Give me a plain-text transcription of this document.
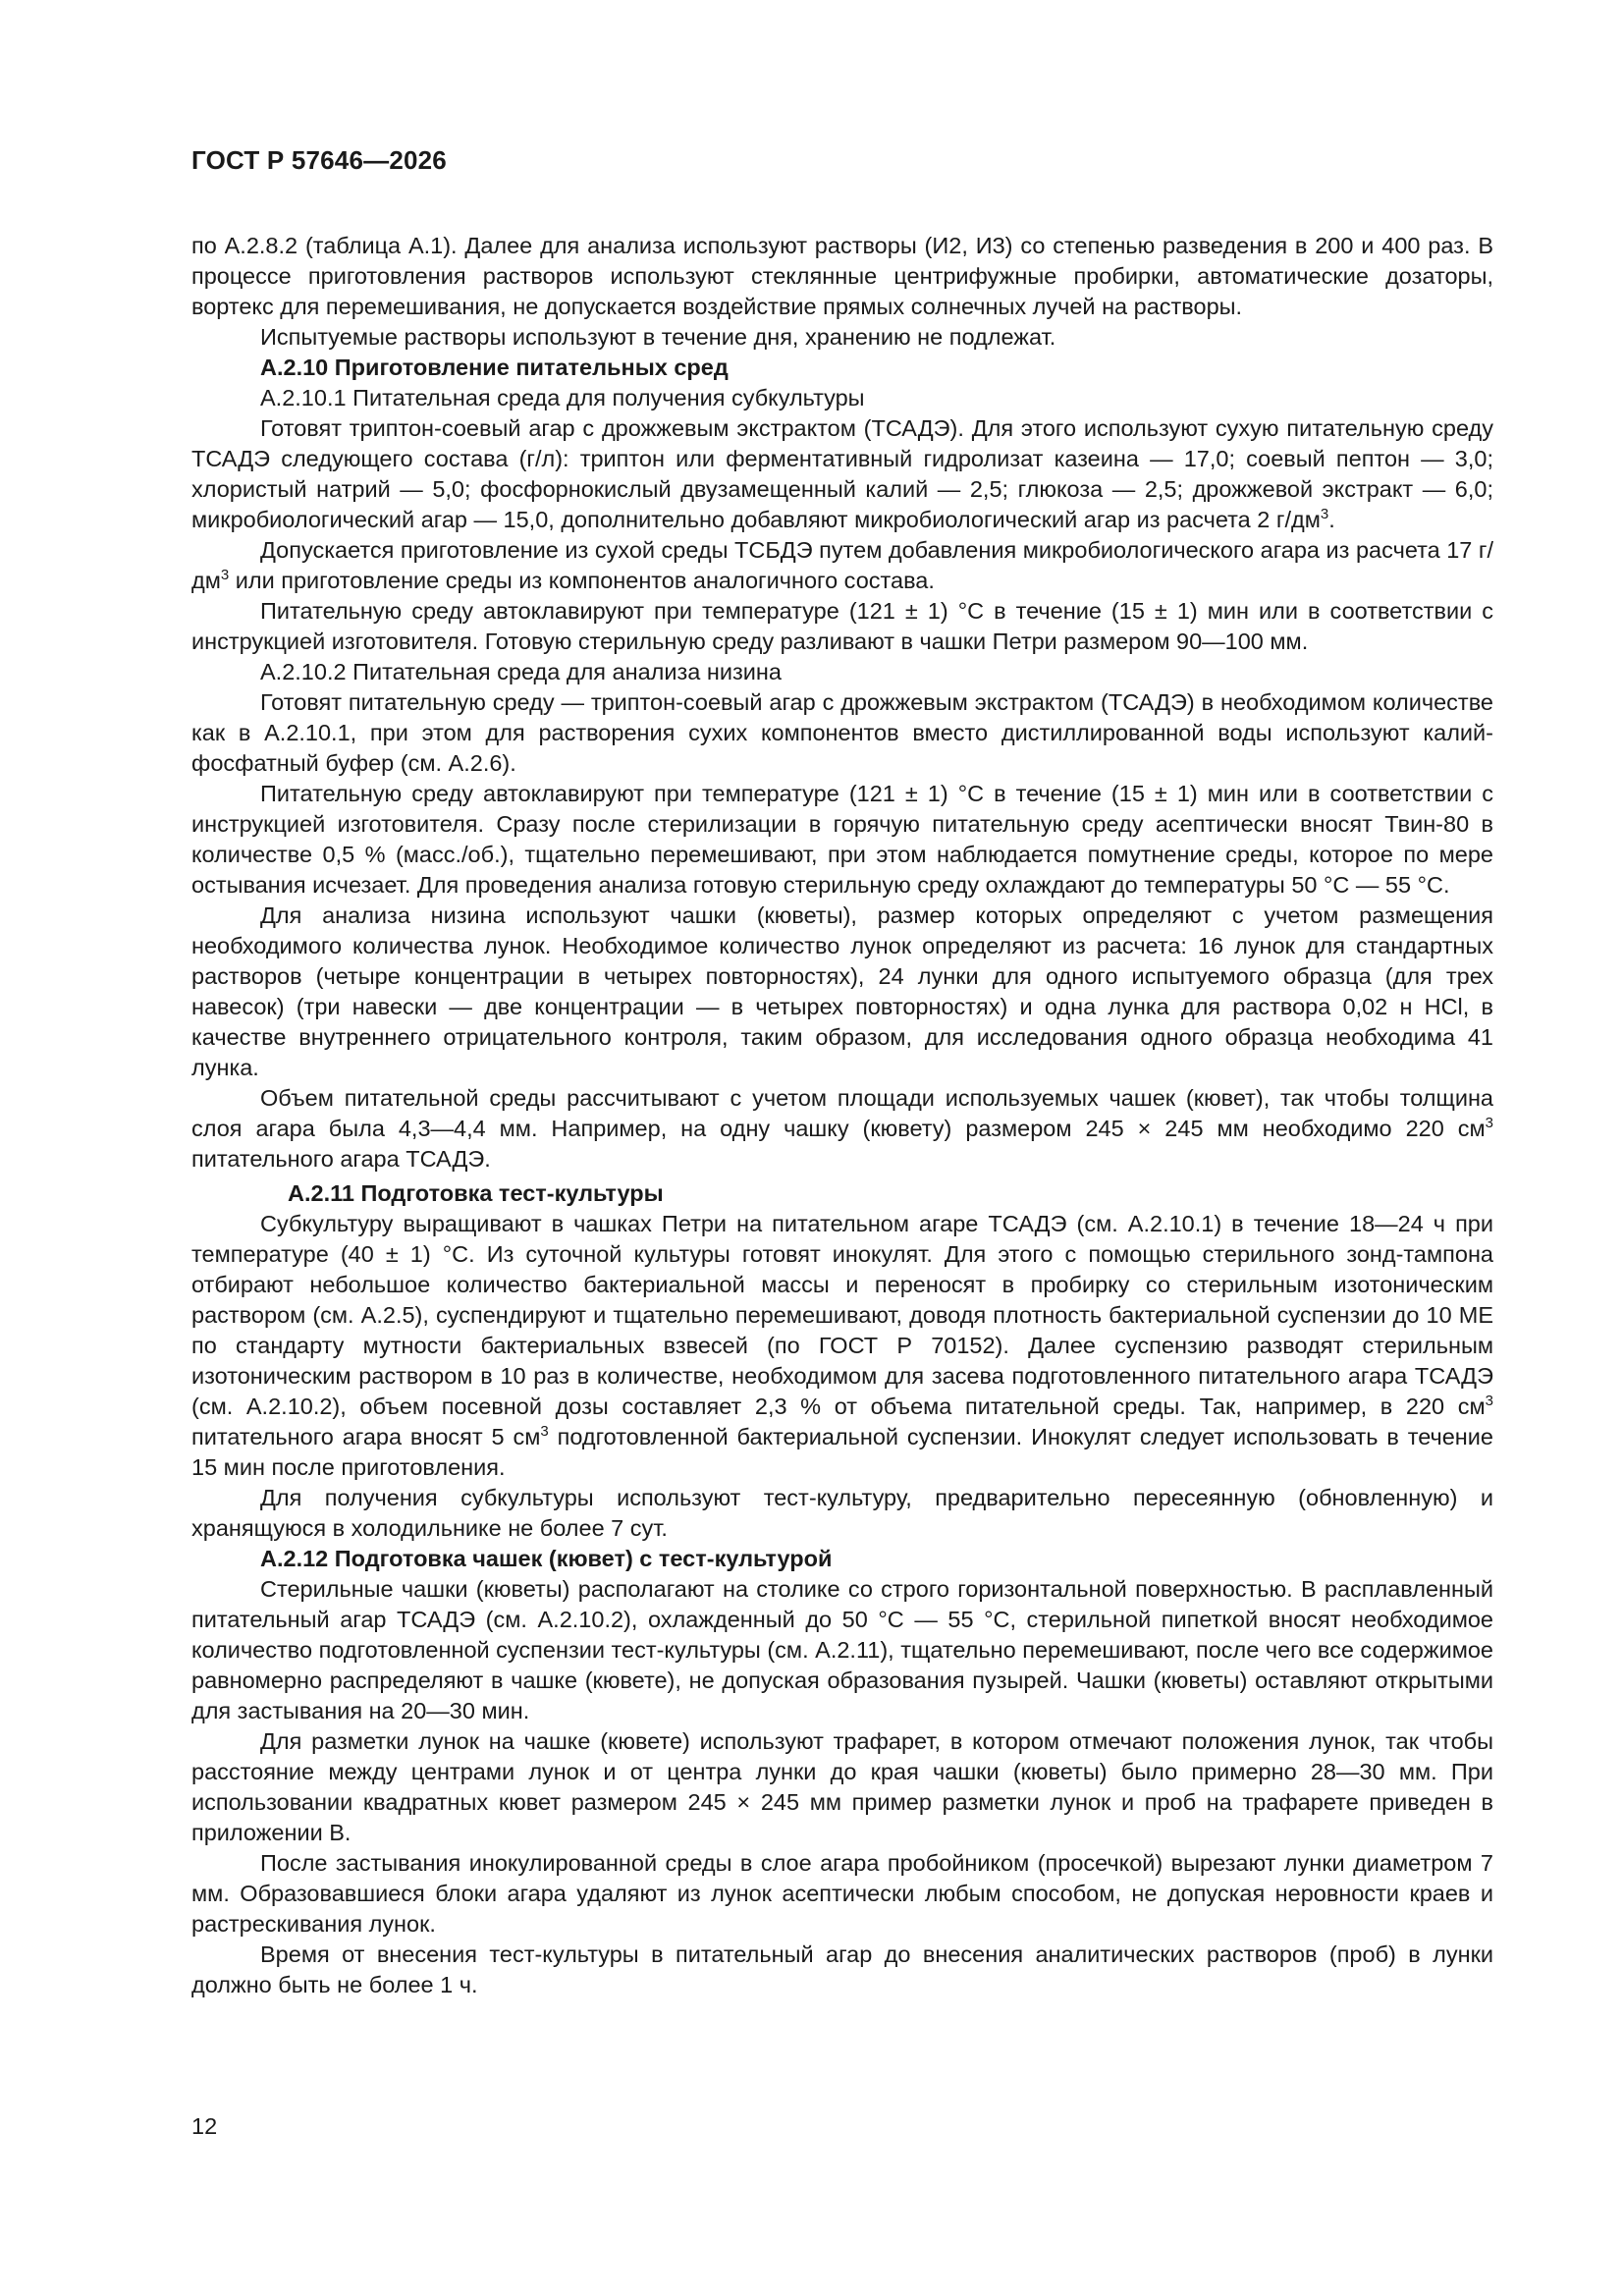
ГОСТ Р 57646—2026

по А.2.8.2 (таблица А.1). Далее для анализа используют растворы (И2, И3) со степенью разведения в 200 и 400 раз. В процессе приготовления растворов используют стеклянные центрифужные пробирки, автоматические дозаторы, вортекс для перемешивания, не допускается воздействие прямых солнечных лучей на растворы.

Испытуемые растворы используют в течение дня, хранению не подлежат.

А.2.10 Приготовление питательных сред

А.2.10.1 Питательная среда для получения субкультуры

Готовят триптон-соевый агар с дрожжевым экстрактом (ТСАДЭ). Для этого используют сухую питательную среду ТСАДЭ следующего состава (г/л): триптон или ферментативный гидролизат казеина — 17,0; соевый пептон — 3,0; хлористый натрий — 5,0; фосфорнокислый двузамещенный калий — 2,5; глюкоза — 2,5; дрожжевой экстракт — 6,0; микробиологический агар — 15,0, дополнительно добавляют микробиологический агар из расчета 2 $г/дм^3$.

Допускается приготовление из сухой среды ТСБДЭ путем добавления микробиологического агара из расчета 17 $г/дм^3$ или приготовление среды из компонентов аналогичного состава.

Питательную среду автоклавируют при температуре (121 ± 1) °С в течение (15 ± 1) мин или в соответствии с инструкцией изготовителя. Готовую стерильную среду разливают в чашки Петри размером 90—100 мм.

А.2.10.2 Питательная среда для анализа низина

Готовят питательную среду — триптон-соевый агар с дрожжевым экстрактом (ТСАДЭ) в необходимом количестве как в А.2.10.1, при этом для растворения сухих компонентов вместо дистиллированной воды используют калий-фосфатный буфер (см. А.2.6).

Питательную среду автоклавируют при температуре (121 ± 1) °С в течение (15 ± 1) мин или в соответствии с инструкцией изготовителя. Сразу после стерилизации в горячую питательную среду асептически вносят Твин-80 в количестве 0,5 % (масс./об.), тщательно перемешивают, при этом наблюдается помутнение среды, которое по мере остывания исчезает. Для проведения анализа готовую стерильную среду охлаждают до температуры 50 °С — 55 °С.

Для анализа низина используют чашки (кюветы), размер которых определяют с учетом размещения необходимого количества лунок. Необходимое количество лунок определяют из расчета: 16 лунок для стандартных растворов (четыре концентрации в четырех повторностях), 24 лунки для одного испытуемого образца (для трех навесок) (три навески — две концентрации — в четырех повторностях) и одна лунка для раствора 0,02 н HCl, в качестве внутреннего отрицательного контроля, таким образом, для исследования одного образца необходима 41 лунка.

Объем питательной среды рассчитывают с учетом площади используемых чашек (кювет), так чтобы толщина слоя агара была 4,3—4,4 мм. Например, на одну чашку (кювету) размером 245 × 245 мм необходимо 220 $см^3$ питательного агара ТСАДЭ.

А.2.11 Подготовка тест-культуры

Субкультуру выращивают в чашках Петри на питательном агаре ТСАДЭ (см. А.2.10.1) в течение 18—24 ч при температуре (40 ± 1) °С. Из суточной культуры готовят инокулят. Для этого с помощью стерильного зонд-тампона отбирают небольшое количество бактериальной массы и переносят в пробирку со стерильным изотоническим раствором (см. А.2.5), суспендируют и тщательно перемешивают, доводя плотность бактериальной суспензии до 10 МЕ по стандарту мутности бактериальных взвесей (по ГОСТ Р 70152). Далее суспензию разводят стерильным изотоническим раствором в 10 раз в количестве, необходимом для засева подготовленного питательного агара ТСАДЭ (см. А.2.10.2), объем посевной дозы составляет 2,3 % от объема питательной среды. Так, например, в 220 $см^3$ питательного агара вносят 5 $см^3$ подготовленной бактериальной суспензии. Инокулят следует использовать в течение 15 мин после приготовления.

Для получения субкультуры используют тест-культуру, предварительно пересеянную (обновленную) и хранящуюся в холодильнике не более 7 сут.

А.2.12 Подготовка чашек (кювет) с тест-культурой

Стерильные чашки (кюветы) располагают на столике со строго горизонтальной поверхностью. В расплавленный питательный агар ТСАДЭ (см. А.2.10.2), охлажденный до 50 °С — 55 °С, стерильной пипеткой вносят необходимое количество подготовленной суспензии тест-культуры (см. А.2.11), тщательно перемешивают, после чего все содержимое равномерно распределяют в чашке (кювете), не допуская образования пузырей. Чашки (кюветы) оставляют открытыми для застывания на 20—30 мин.

Для разметки лунок на чашке (кювете) используют трафарет, в котором отмечают положения лунок, так чтобы расстояние между центрами лунок и от центра лунки до края чашки (кюветы) было примерно 28—30 мм. При использовании квадратных кювет размером 245 × 245 мм пример разметки лунок и проб на трафарете приведен в приложении В.

После застывания инокулированной среды в слое агара пробойником (просечкой) вырезают лунки диаметром 7 мм. Образовавшиеся блоки агара удаляют из лунок асептически любым способом, не допуская неровности краев и растрескивания лунок.

Время от внесения тест-культуры в питательный агар до внесения аналитических растворов (проб) в лунки должно быть не более 1 ч.

12
